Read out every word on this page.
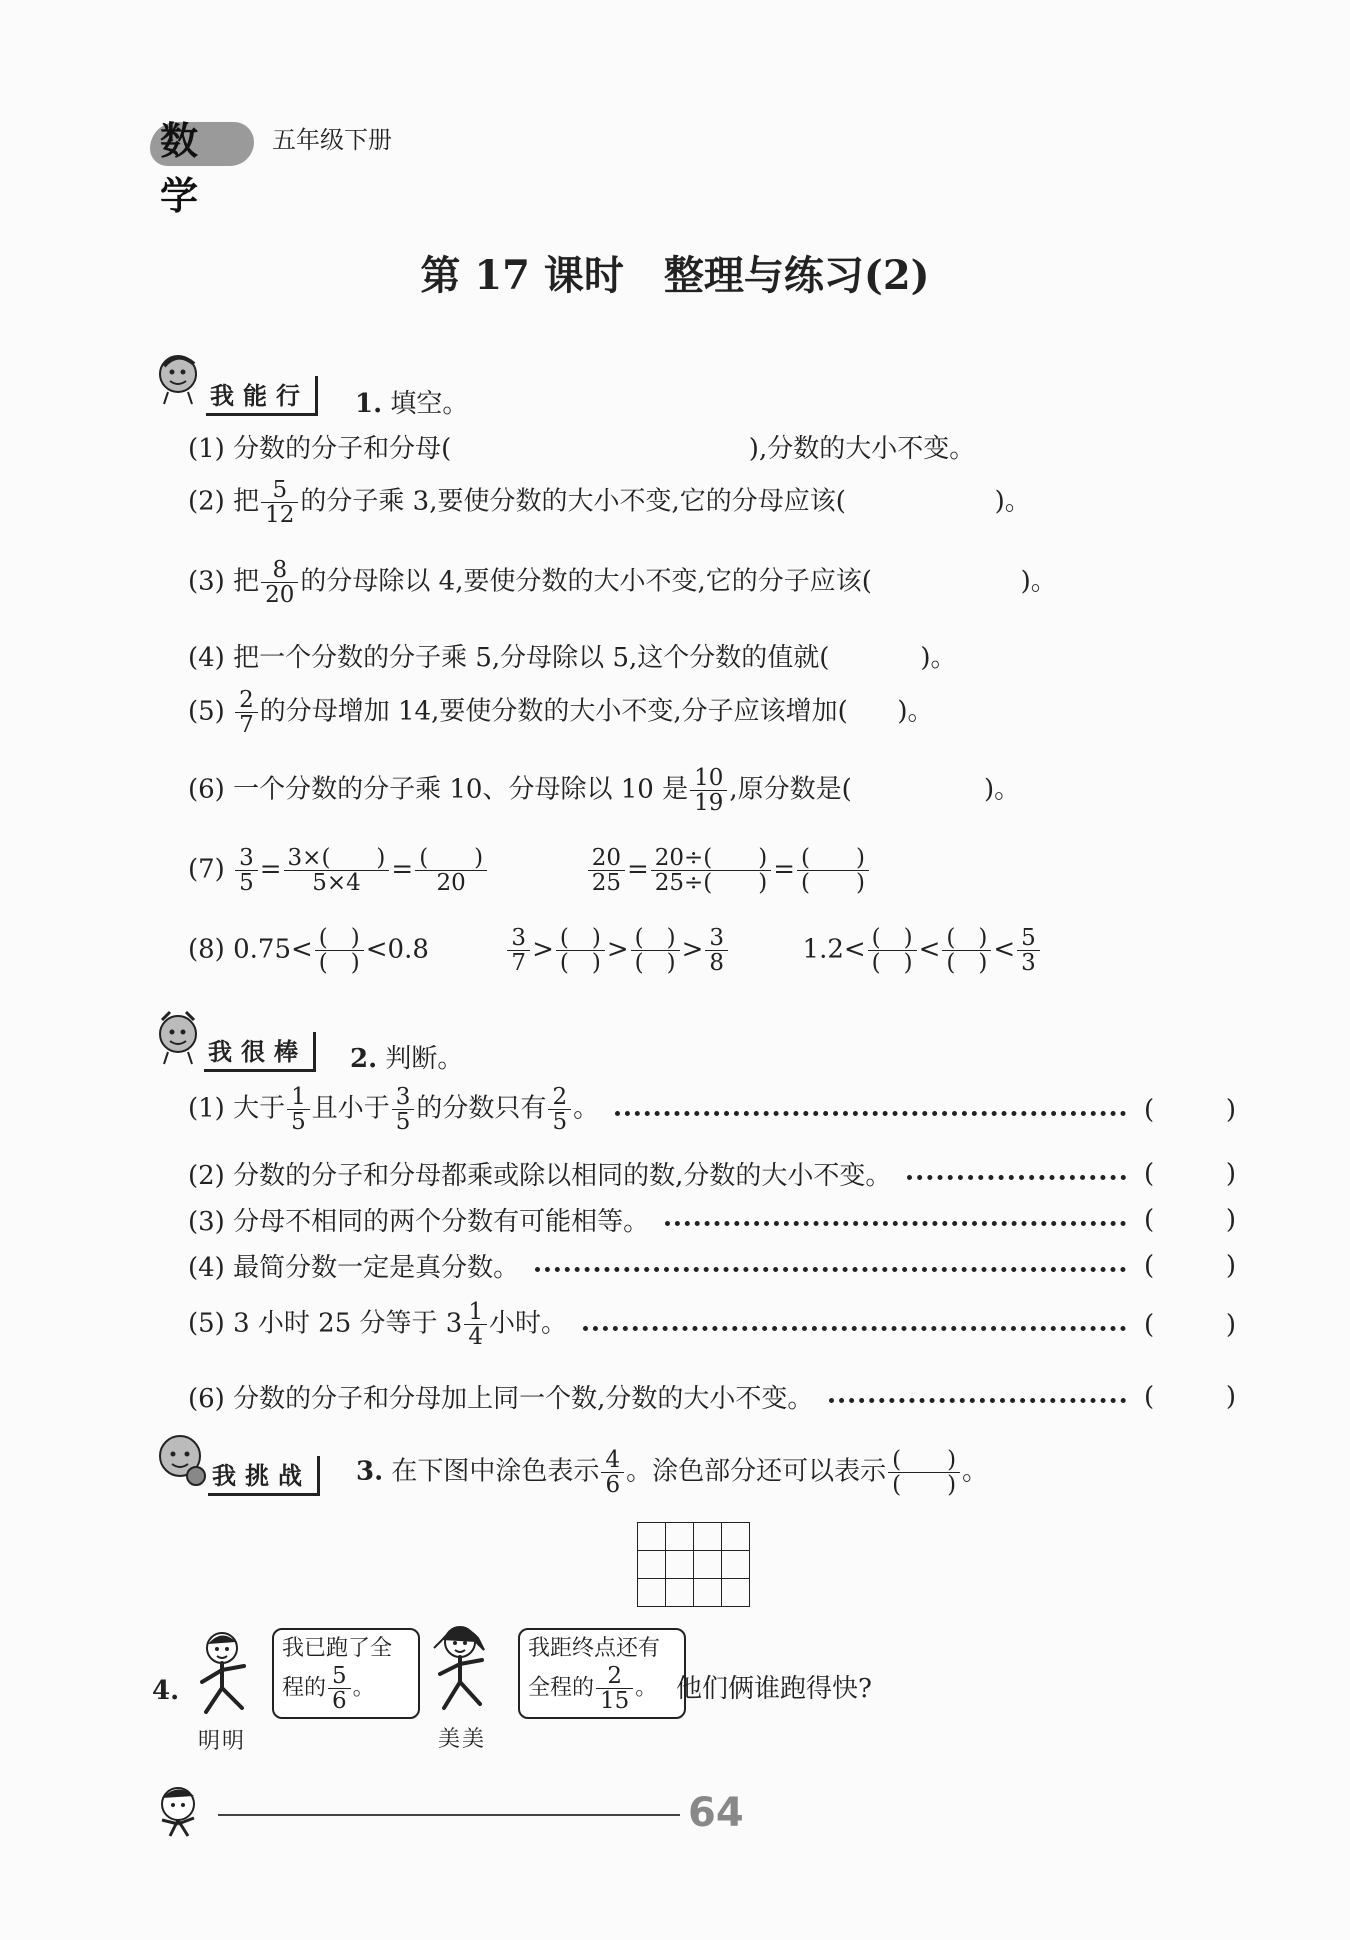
数学
五年级下册
第 17 课时　整理与练习(2)
我能行	1. 填空。
(1) 分数的分子和分母(	),分数的大小不变。
(2) 把 $\frac{5}{12}$ 的分子乘 3,要使分数的大小不变,它的分母应该(	)。
(3) 把 $\frac{8}{20}$ 的分母除以 4,要使分数的大小不变,它的分子应该(	)。
(4) 把一个分数的分子乘 5,分母除以 5,这个分数的值就(	)。
$(5) \frac{2}{7}$ 的分母增加 14,要使分数的大小不变,分子应该增加( )。
(6) 一个分数的分子乘 10、分母除以 10 是 $\frac{10}{19}$ ,原分数是(	)。
$(7) \frac{3}{5} = \frac{3\times( )}{5\times 4} = \frac{( )}{20}$
	$\frac{20}{25} = \frac{20\div( )}{25\div( )} = \frac{( )}{( )}$
(8) $0.75< \frac{( )}{( )} <0.8$	$\frac{3}{7} > \frac{( )}{( )} > \frac{( )}{( )} > \frac{3}{8}$	$1.2< \frac{( )}{( )} < \frac{( )}{( )} < \frac{5}{3}$
我很棒	2. 判断。
(1) 大于 $\frac{1}{5}$ 且小于 $\frac{3}{5}$ 的分数只有 $\frac{2}{5}$ 。	(	)
(2) 分数的分子和分母都乘或除以相同的数,分数的大小不变。	(	)
(3) 分母不相同的两个分数有可能相等。	(	)
(4) 最简分数一定是真分数。	(	)
(5) 3 小时 25 分等于 $3 \frac{1}{4}$ 小时。	(	)
(6) 分数的分子和分母加上同一个数,分数的大小不变。	(	)
我挑战	3. 在下图中涂色表示 $\frac{4}{6}$ 。涂色部分还可以表示 $\frac{( )}{( )}$ 。

4.
我已跑了全
程的 $\frac{5}{6}$ 。
明明
我距终点还有
全程的 $\frac{2}{15}$ 。
美美
他们俩谁跑得快?
64
